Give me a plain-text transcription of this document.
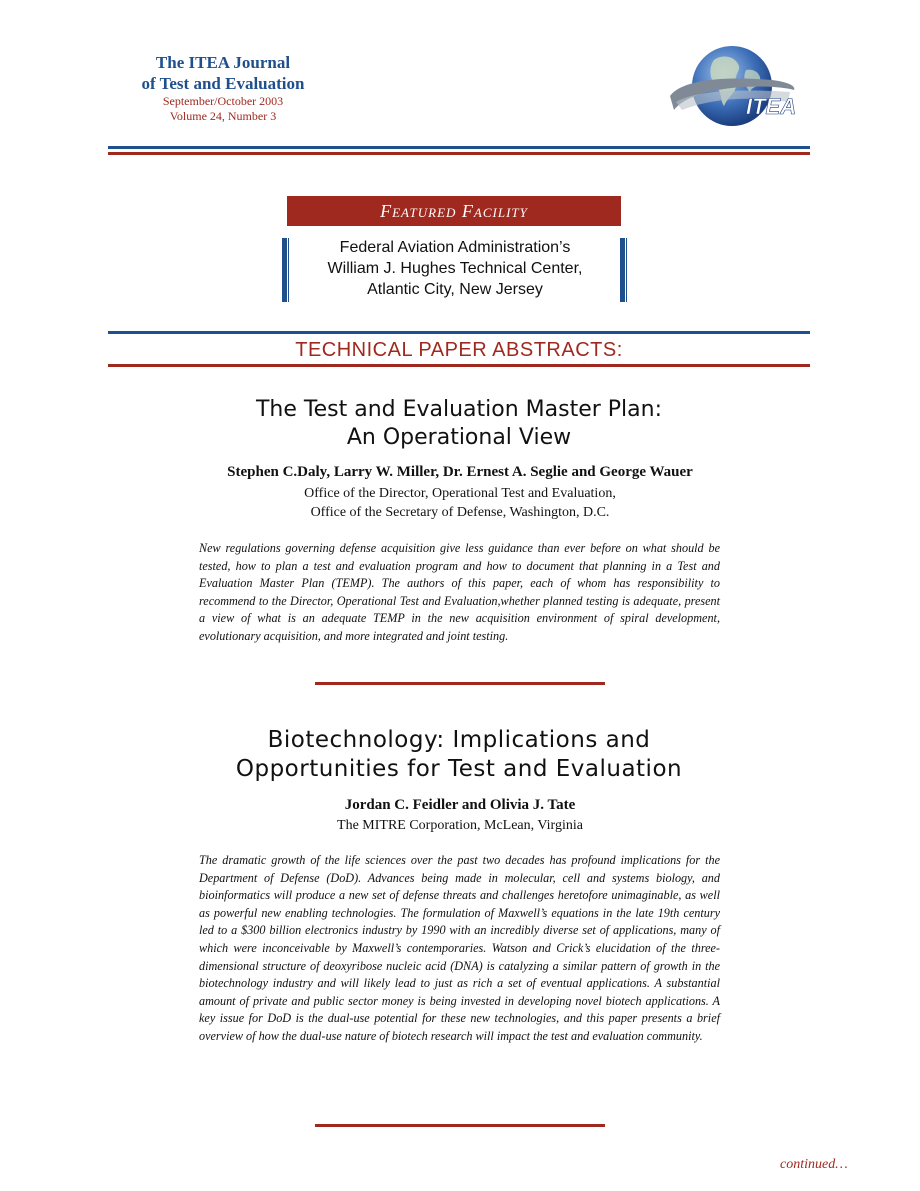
The ITEA Journal
of Test and Evaluation
September/October 2003
Volume 24, Number 3	ITEA
Featured Facility
Federal Aviation Administration’s
William J. Hughes Technical Center,
Atlantic City, New Jersey
TECHNICAL PAPER ABSTRACTS:
The Test and Evaluation Master Plan:
An Operational View
Stephen C.Daly, Larry W. Miller, Dr. Ernest A. Seglie and George Wauer
Office of the Director, Operational Test and Evaluation,
Office of the Secretary of Defense, Washington, D.C.
New regulations governing defense acquisition give less guidance than ever before on what should be tested, how to plan a test and evaluation program and how to document that planning in a Test and Evaluation Master Plan (TEMP). The authors of this paper, each of whom has responsibility to recommend to the Director, Operational Test and Evaluation,whether planned testing is adequate, present a view of what is an adequate TEMP in the new acquisition environment of spiral development, evolutionary acquisition, and more integrated and joint testing.
Biotechnology: Implications and
Opportunities for Test and Evaluation
Jordan C. Feidler and Olivia J. Tate
The MITRE Corporation, McLean, Virginia
The dramatic growth of the life sciences over the past two decades has profound implications for the Department of Defense (DoD). Advances being made in molecular, cell and systems biology, and bioinformatics will produce a new set of defense threats and challenges heretofore unimaginable, as well as powerful new enabling technologies. The formulation of Maxwell’s equations in the late 19th century led to a $300 billion electronics industry by 1990 with an incredibly diverse set of applications, many of which were inconceivable by Maxwell’s contemporaries. Watson and Crick’s elucidation of the three-dimensional structure of deoxyribose nucleic acid (DNA) is catalyzing a similar pattern of growth in the biotechnology industry and will likely lead to just as rich a set of eventual applications. A substantial amount of private and public sector money is being invested in developing novel biotech applications. A key issue for DoD is the dual-use potential for these new technologies, and this paper presents a brief overview of how the dual-use nature of biotech research will impact the test and evaluation community.
continued…
